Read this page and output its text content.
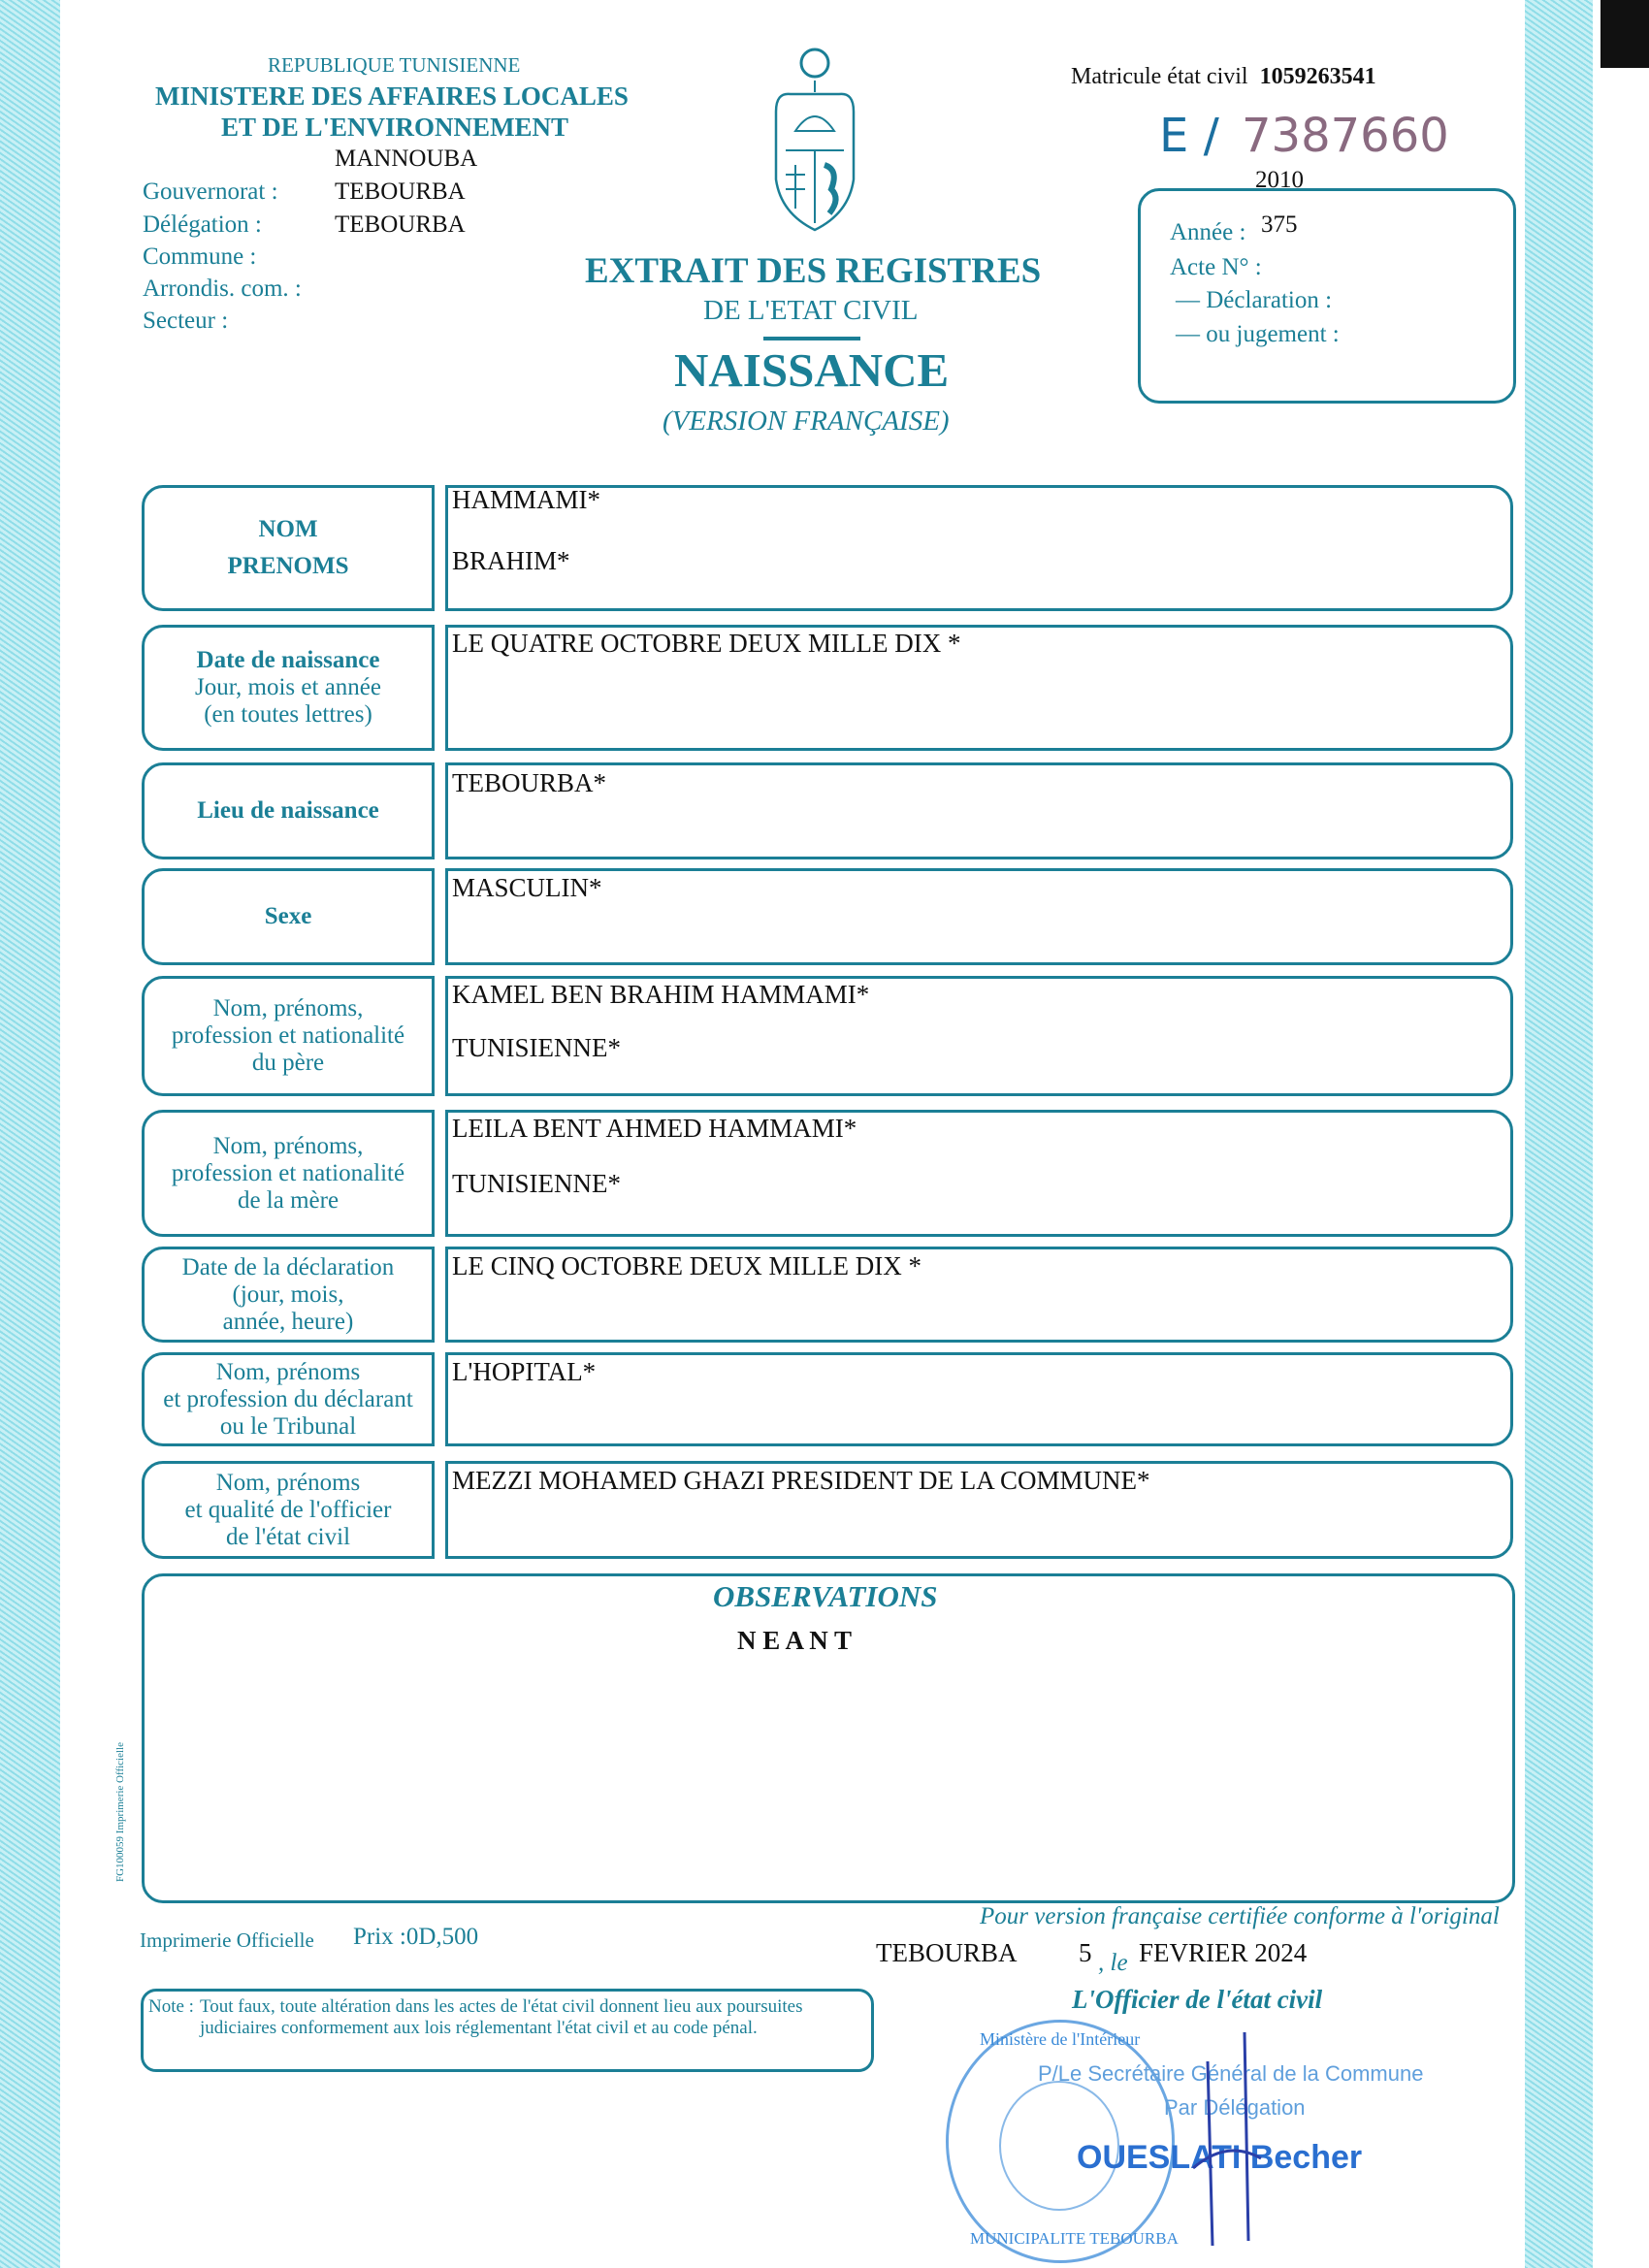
REPUBLIQUE TUNISIENNE
MINISTERE DES AFFAIRES LOCALES
ET DE L'ENVIRONNEMENT
MANNOUBA
Gouvernorat : TEBOURBA
Délégation :	TEBOURBA
Commune :
Arrondis. com. :
Secteur :
EXTRAIT DES REGISTRES
DE L'ETAT CIVIL
NAISSANCE
(VERSION FRANÇAISE)
Matricule état civil 1059263541
E / 7387660
2010
Année : 375
Acte N° :
— Déclaration :
— ou jugement :
NOM
PRENOMS
HAMMAMI*
BRAHIM*
Date de naissance
Jour, mois et année
(en toutes lettres)
LE QUATRE OCTOBRE DEUX MILLE DIX *
Lieu de naissance
TEBOURBA*
Sexe
MASCULIN*
Nom, prénoms,
profession et nationalité
du père
KAMEL BEN BRAHIM HAMMAMI*
TUNISIENNE*
Nom, prénoms,
profession et nationalité
de la mère
LEILA BENT AHMED HAMMAMI*
TUNISIENNE*
Date de la déclaration
(jour, mois,
année, heure)
LE CINQ OCTOBRE DEUX MILLE DIX *
Nom, prénoms
et profession du déclarant
ou le Tribunal
L'HOPITAL*
Nom, prénoms
et qualité de l'officier
de l'état civil
MEZZI MOHAMED GHAZI PRESIDENT DE LA COMMUNE*
OBSERVATIONS
N E A N T
FG100059 Imprimerie Officielle
Imprimerie Officielle Prix :0D,500
Pour version française certifiée conforme à l'original
TEBOURBA 5 , le FEVRIER 2024
Note : Tout faux, toute altération dans les actes de l'état civil donnent lieu aux poursuites judiciaires conformement aux lois réglementant l'état civil et au code pénal.
L'Officier de l'état civil
Ministère de l'Intérieur
MUNICIPALITE TEBOURBA
P/Le Secrétaire Général de la Commune
Par Délégation
OUESLATI Becher
